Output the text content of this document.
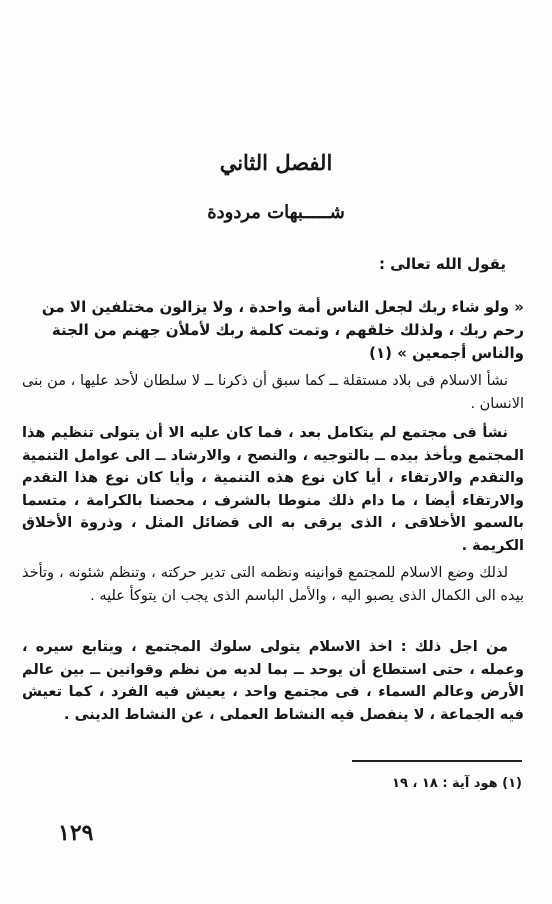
الفصل الثاني
شـــــبهات مردودة
يقول الله تعالى :
« ولو شاء ربك لجعل الناس أمة واحدة ، ولا يزالون مختلفين الا من رحم ربك ، ولذلك خلقهم ، وتمت كلمة ربك لأملأن جهنم من الجنة والناس أجمعين » (١)
نشأ الاسلام فى بلاد مستقلة ــ كما سبق أن ذكرنا ــ لا سلطان لأحد عليها ، من بنى الانسان .
نشأ فى مجتمع لم يتكامل بعد ، فما كان عليه الا أن يتولى تنظيم هذا المجتمع ويأخذ بيده ــ بالتوجيه ، والنصح ، والارشاد ــ الى عوامل التنمية والتقدم والارتقاء ، أيا كان نوع هذه التنمية ، وأيا كان نوع هذا التقدم والارتقاء أيضا ، ما دام ذلك منوطا بالشرف ، محصنا بالكرامة ، متسما بالسمو الأخلاقى ، الذى يرقى به الى فضائل المثل ، وذروة الأخلاق الكريمة .
لذلك وضع الاسلام للمجتمع قوانينه ونظمه التى تدير حركته ، وتنظم شئونه ، وتأخذ بيده الى الكمال الذى يصبو اليه ، والأمل الباسم الذى يجب ان يتوكأ عليه .
من اجل ذلك : اخذ الاسلام يتولى سلوك المجتمع ، ويتابع سيره ، وعمله ، حتى استطاع أن يوحد ــ بما لديه من نظم وقوانين ــ بين عالم الأرض وعالم السماء ، فى مجتمع واحد ، يعيش فيه الفرد ، كما تعيش فيه الجماعة ، لا ينفصل فيه النشاط العملى ، عن النشاط الدينى .
(١) هود آية : ١٨ ، ١٩
١٢٩
